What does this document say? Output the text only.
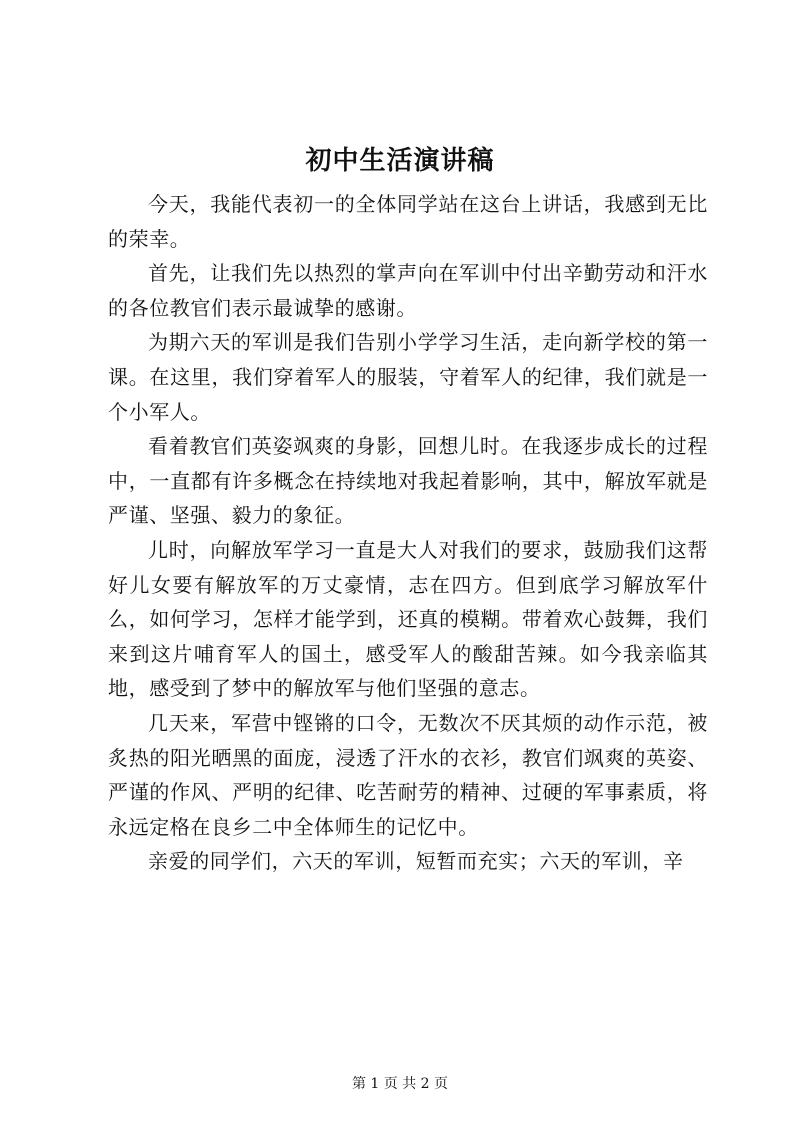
初中生活演讲稿

今天，我能代表初一的全体同学站在这台上讲话，我感到无比的荣幸。

首先，让我们先以热烈的掌声向在军训中付出辛勤劳动和汗水的各位教官们表示最诚挚的感谢。

为期六天的军训是我们告别小学学习生活，走向新学校的第一课。在这里，我们穿着军人的服装，守着军人的纪律，我们就是一个小军人。

看着教官们英姿飒爽的身影，回想儿时。在我逐步成长的过程中，一直都有许多概念在持续地对我起着影响，其中，解放军就是严谨、坚强、毅力的象征。

儿时，向解放军学习一直是大人对我们的要求，鼓励我们这帮好儿女要有解放军的万丈豪情，志在四方。但到底学习解放军什么，如何学习，怎样才能学到，还真的模糊。带着欢心鼓舞，我们来到这片哺育军人的国土，感受军人的酸甜苦辣。如今我亲临其地，感受到了梦中的解放军与他们坚强的意志。

几天来，军营中铿锵的口令，无数次不厌其烦的动作示范，被炙热的阳光晒黑的面庞，浸透了汗水的衣衫，教官们飒爽的英姿、严谨的作风、严明的纪律、吃苦耐劳的精神、过硬的军事素质，将永远定格在良乡二中全体师生的记忆中。

亲爱的同学们，六天的军训，短暂而充实；六天的军训，辛

第 1 页 共 2 页
